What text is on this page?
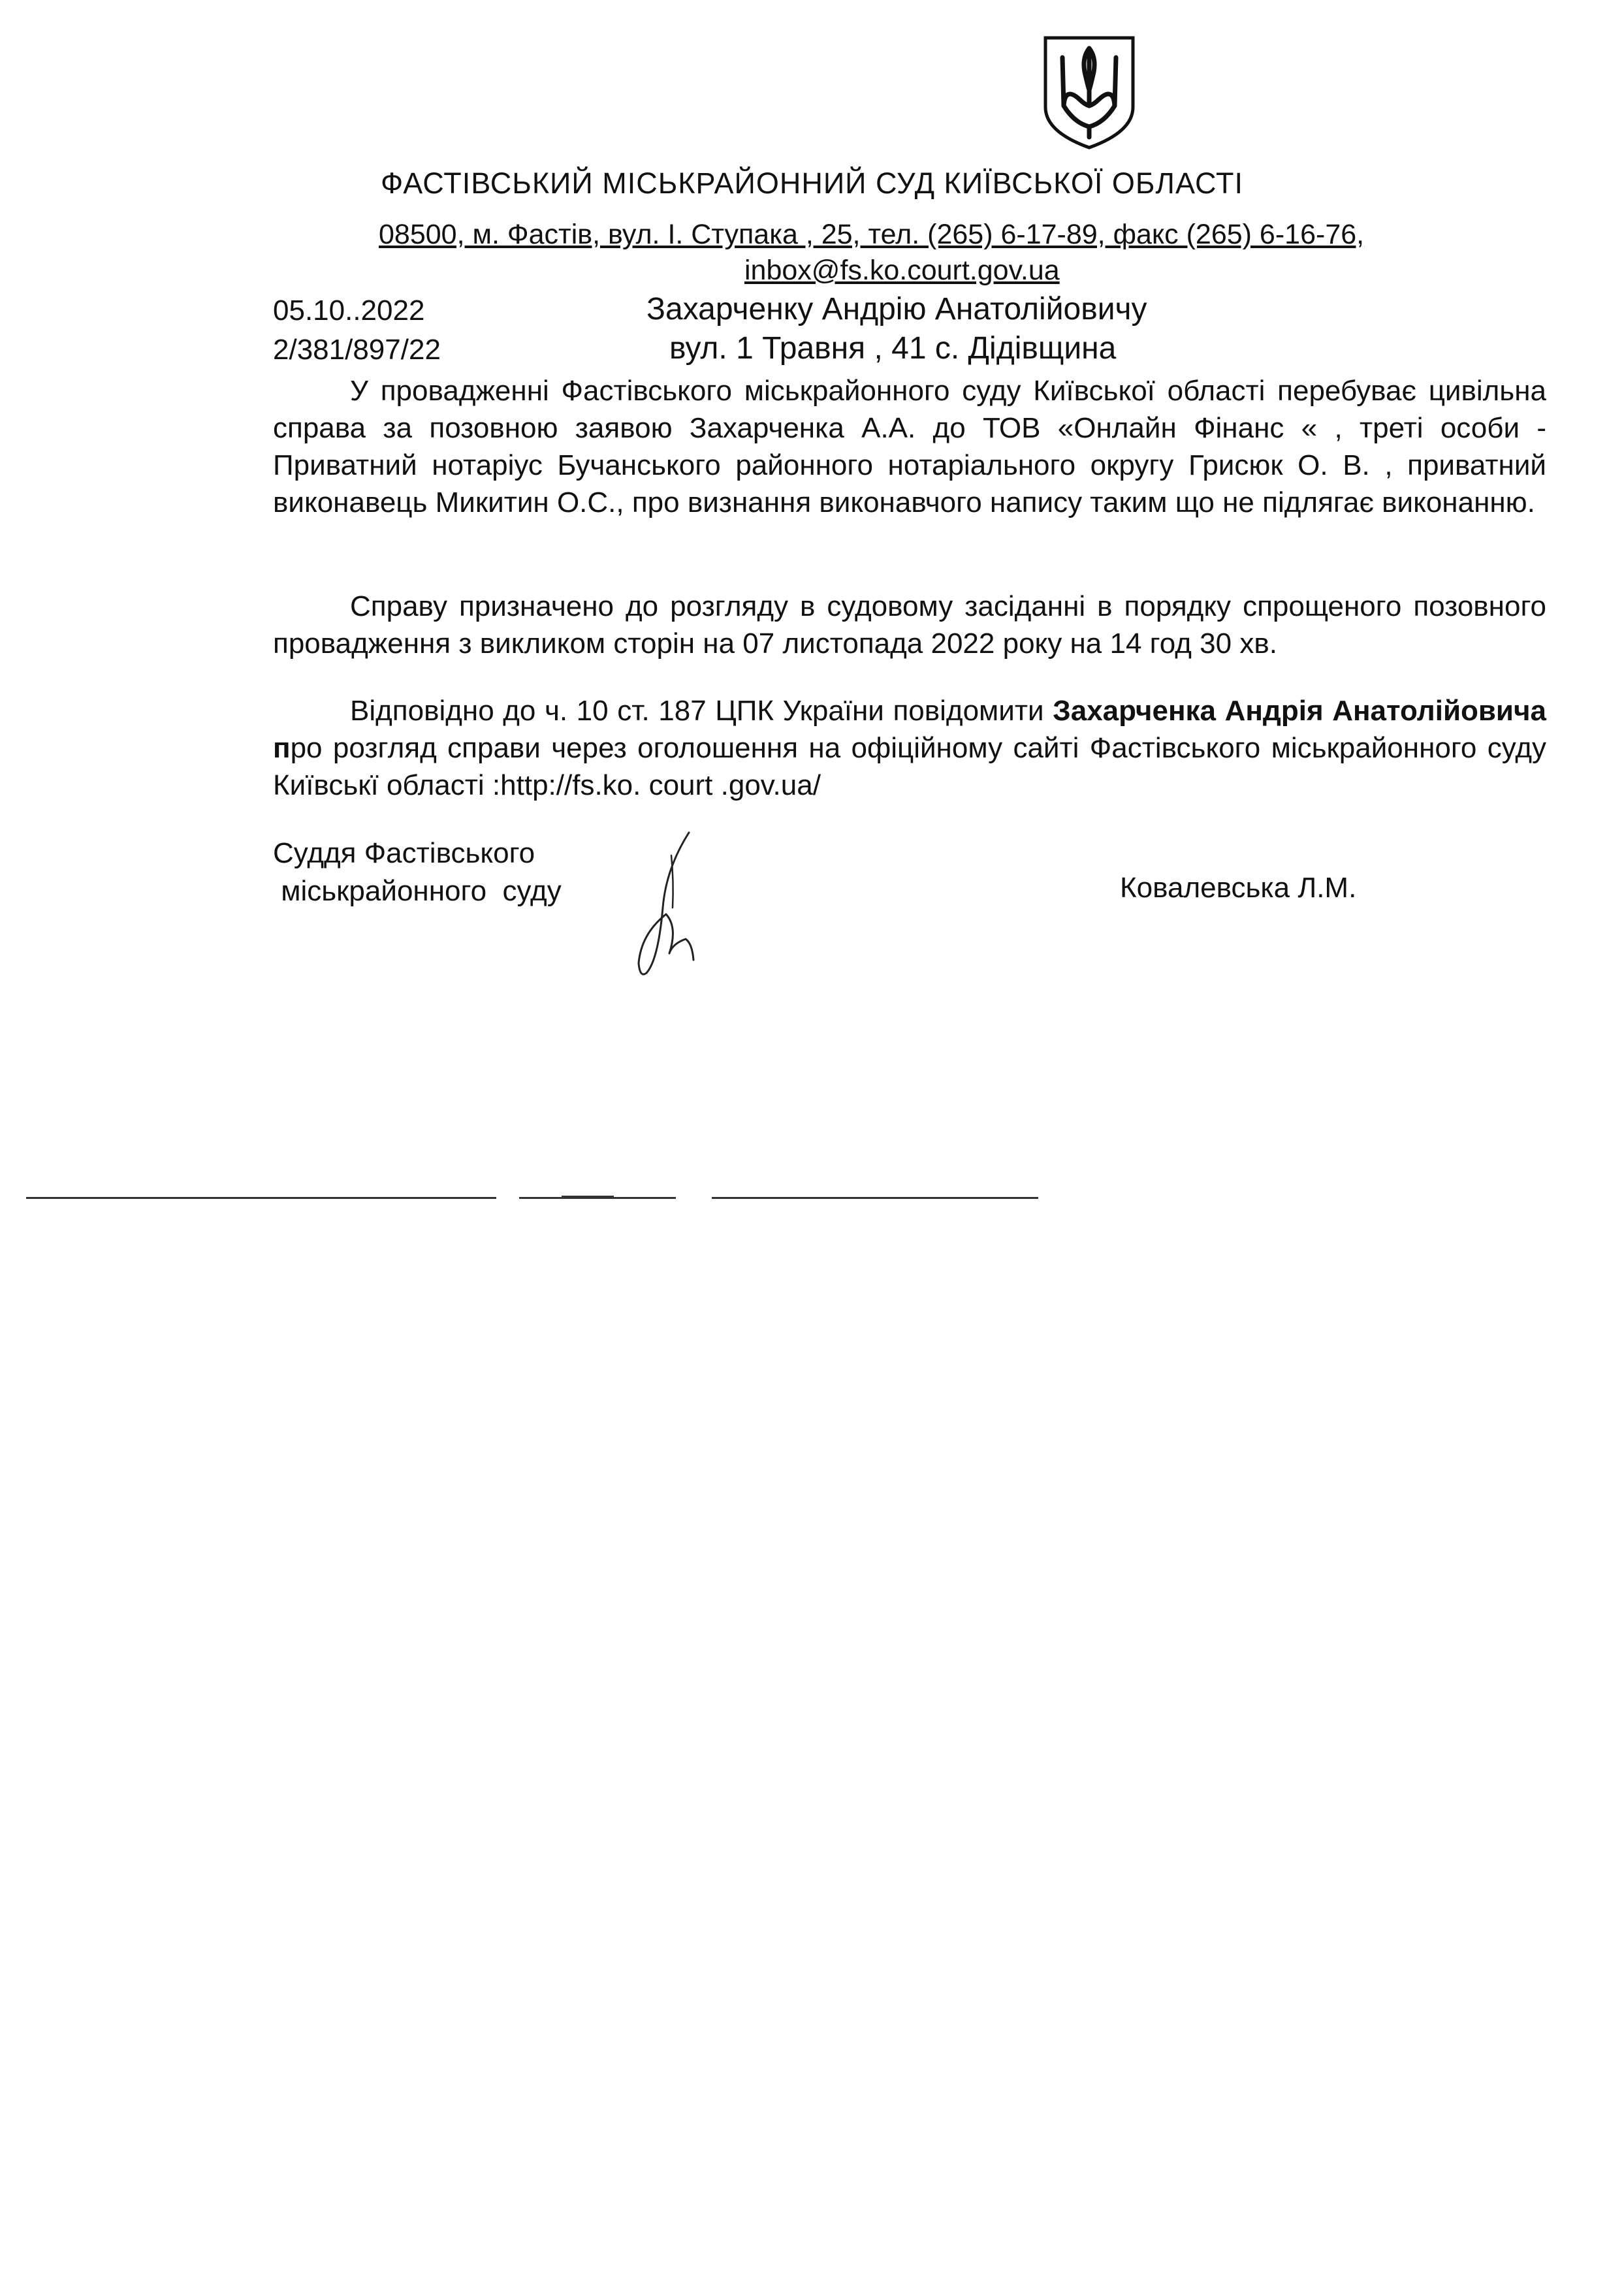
ФАСТІВСЬКИЙ МІСЬКРАЙОННИЙ СУД КИЇВСЬКОЇ ОБЛАСТІ
08500, м. Фастів, вул. І. Ступака , 25, тел. (265) 6-17-89, факс (265) 6-16-76,
inbox@fs.ko.court.gov.ua
05.10..2022
2/381/897/22
Захарченку Андрію Анатолійовичу
вул. 1 Травня , 41 с. Дідівщина
У провадженні Фастівського міськрайонного суду Київської області перебуває цивільна справа за позовною заявою Захарченка А.А. до ТОВ «Онлайн Фінанс « , треті особи - Приватний нотаріус Бучанського районного нотаріального округу Грисюк О. В. , приватний виконавець Микитин О.С., про визнання виконавчого напису таким що не підлягає виконанню.
Справу призначено до розгляду в судовому засіданні в порядку спрощеного позовного провадження з викликом сторін на 07 листопада 2022 року на 14 год 30 хв.
Відповідно до ч. 10 ст. 187 ЦПК України повідомити Захарченка Андрія Анатолійовича про розгляд справи через оголошення на офіційному сайті Фастівського міськрайонного суду Київськї області :http://fs.ko. court .gov.ua/
Суддя Фастівського
міськрайонного  суду	Ковалевська Л.М.
